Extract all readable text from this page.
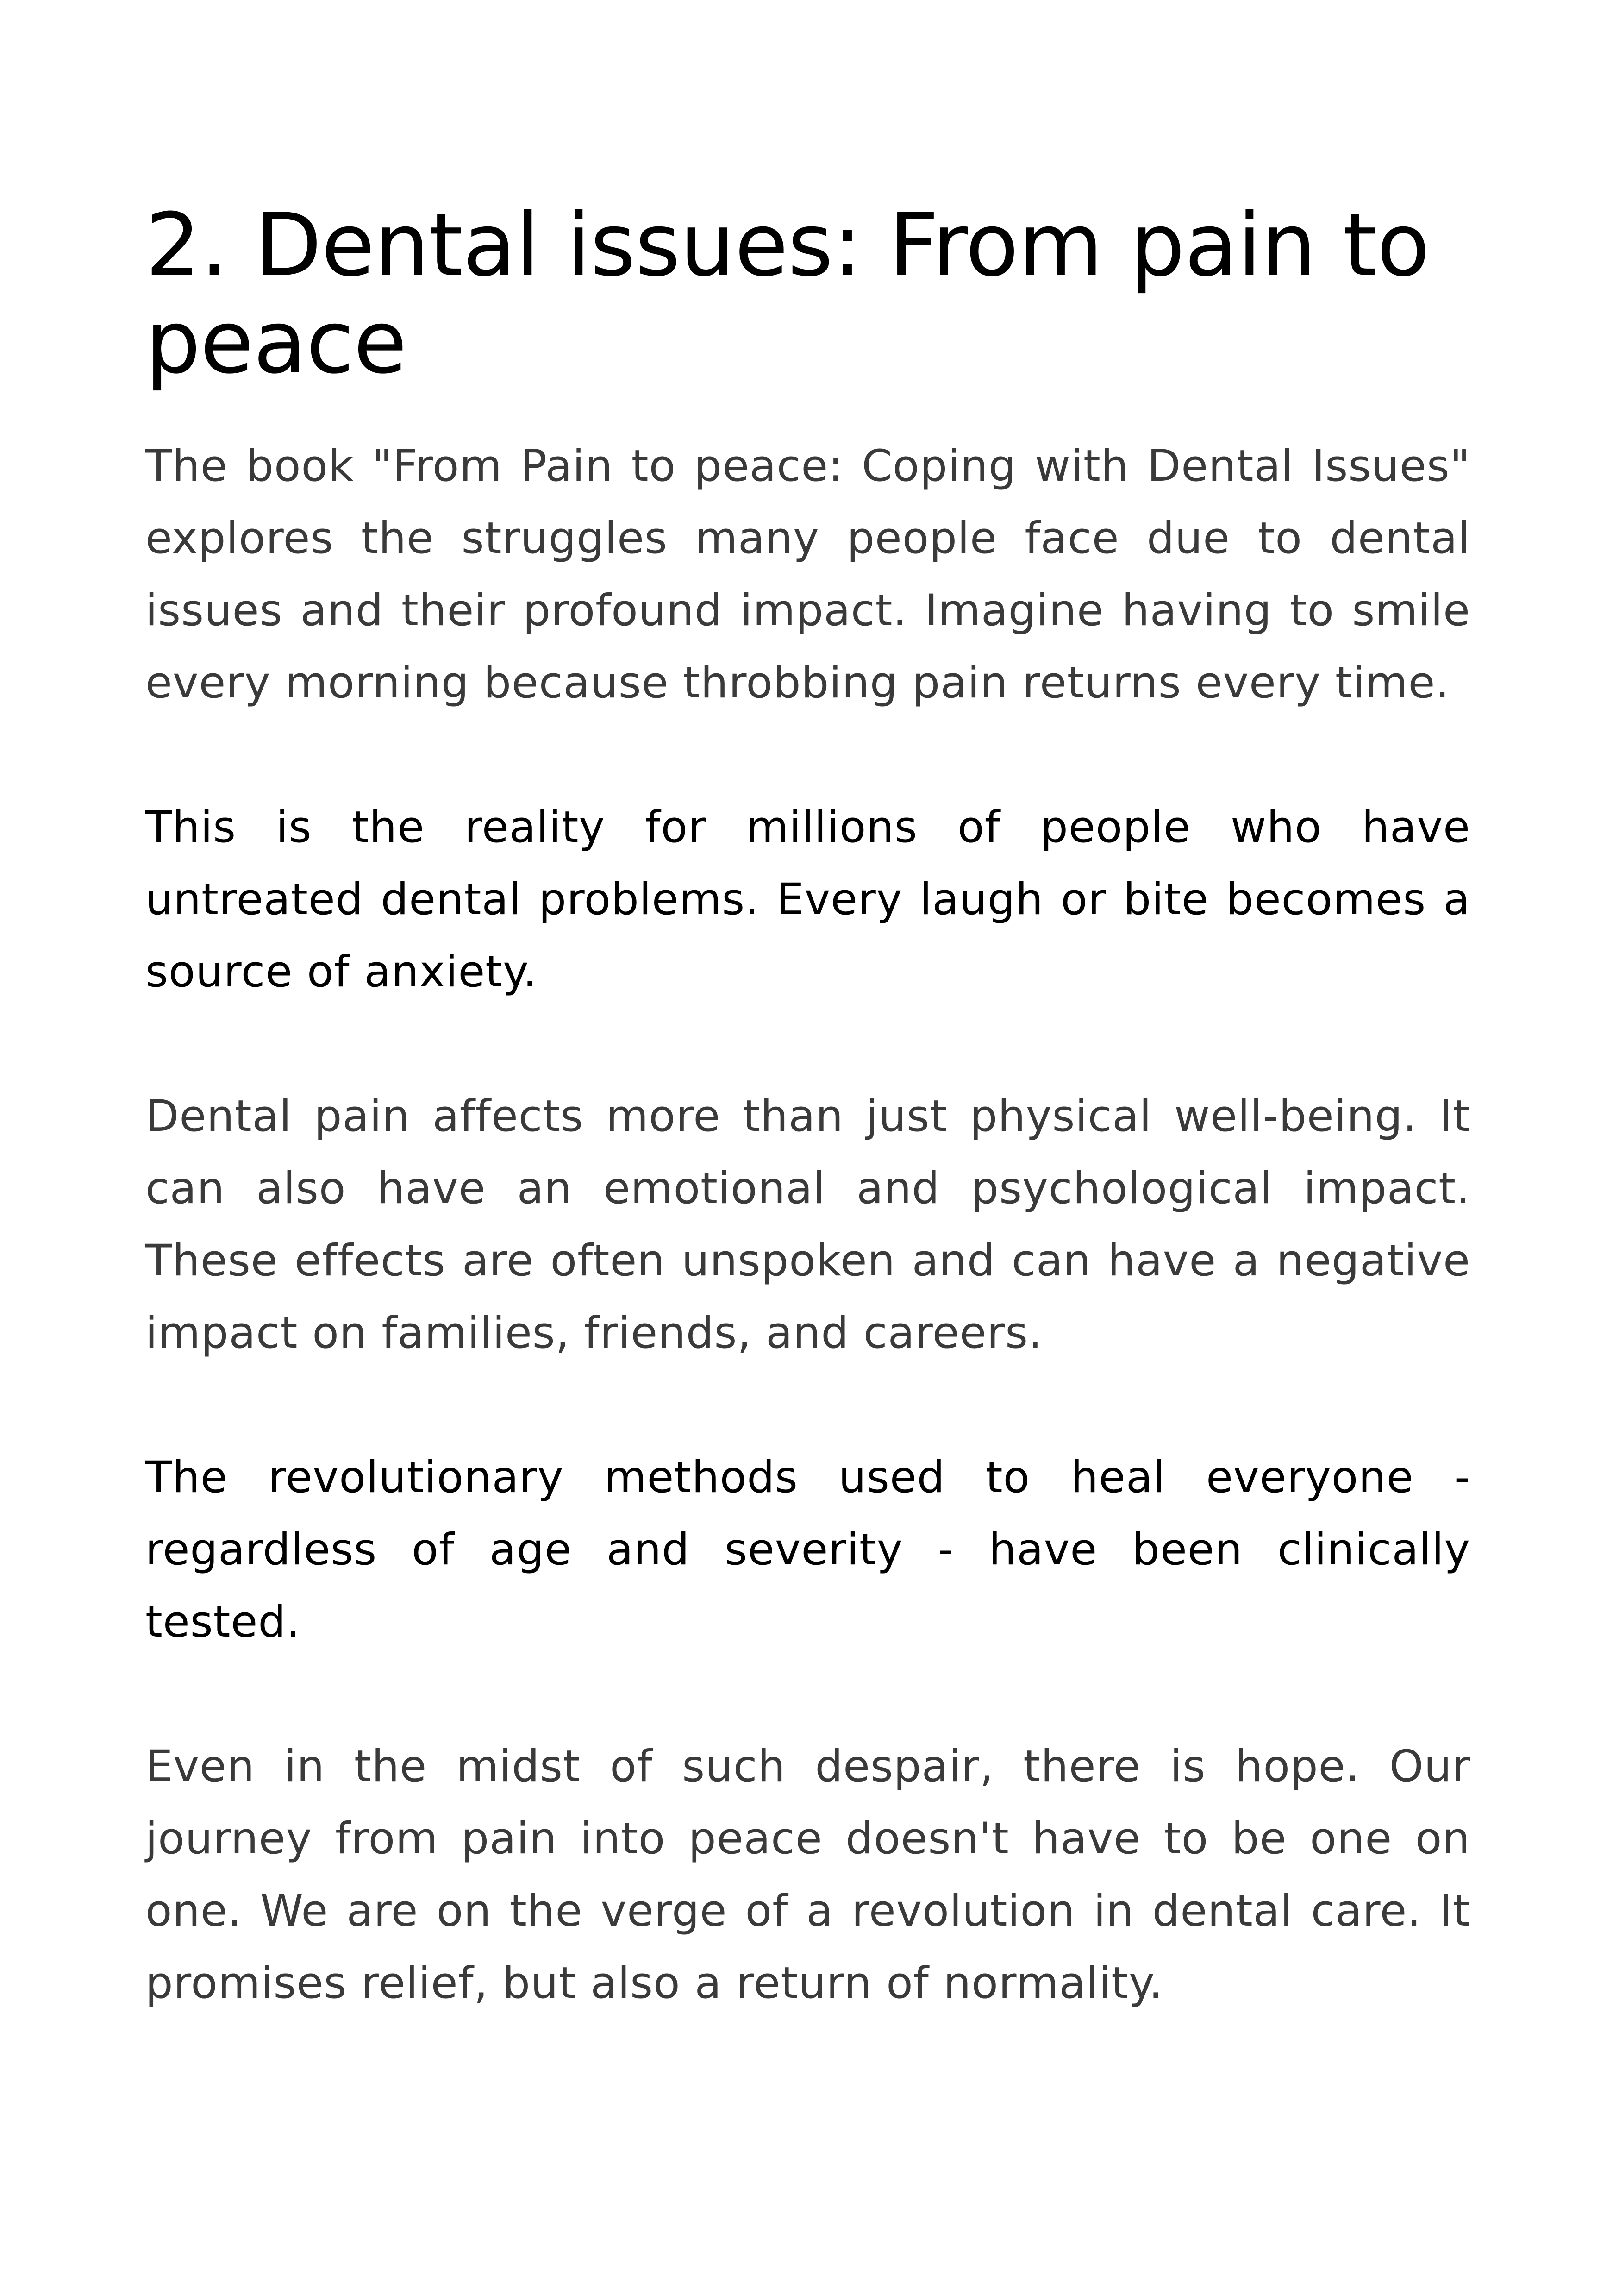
2. Dental issues: From pain to peace

The book "From Pain to peace: Coping with Dental Issues" explores the struggles many people face due to dental issues and their profound impact. Imagine having to smile every morning because throbbing pain returns every time.

This is the reality for millions of people who have untreated dental problems. Every laugh or bite becomes a source of anxiety.

Dental pain affects more than just physical well-being. It can also have an emotional and psychological impact. These effects are often unspoken and can have a negative impact on families, friends, and careers.

The revolutionary methods used to heal everyone - regardless of age and severity - have been clinically tested.

Even in the midst of such despair, there is hope. Our journey from pain into peace doesn't have to be one on one. We are on the verge of a revolution in dental care. It promises relief, but also a return of normality.
